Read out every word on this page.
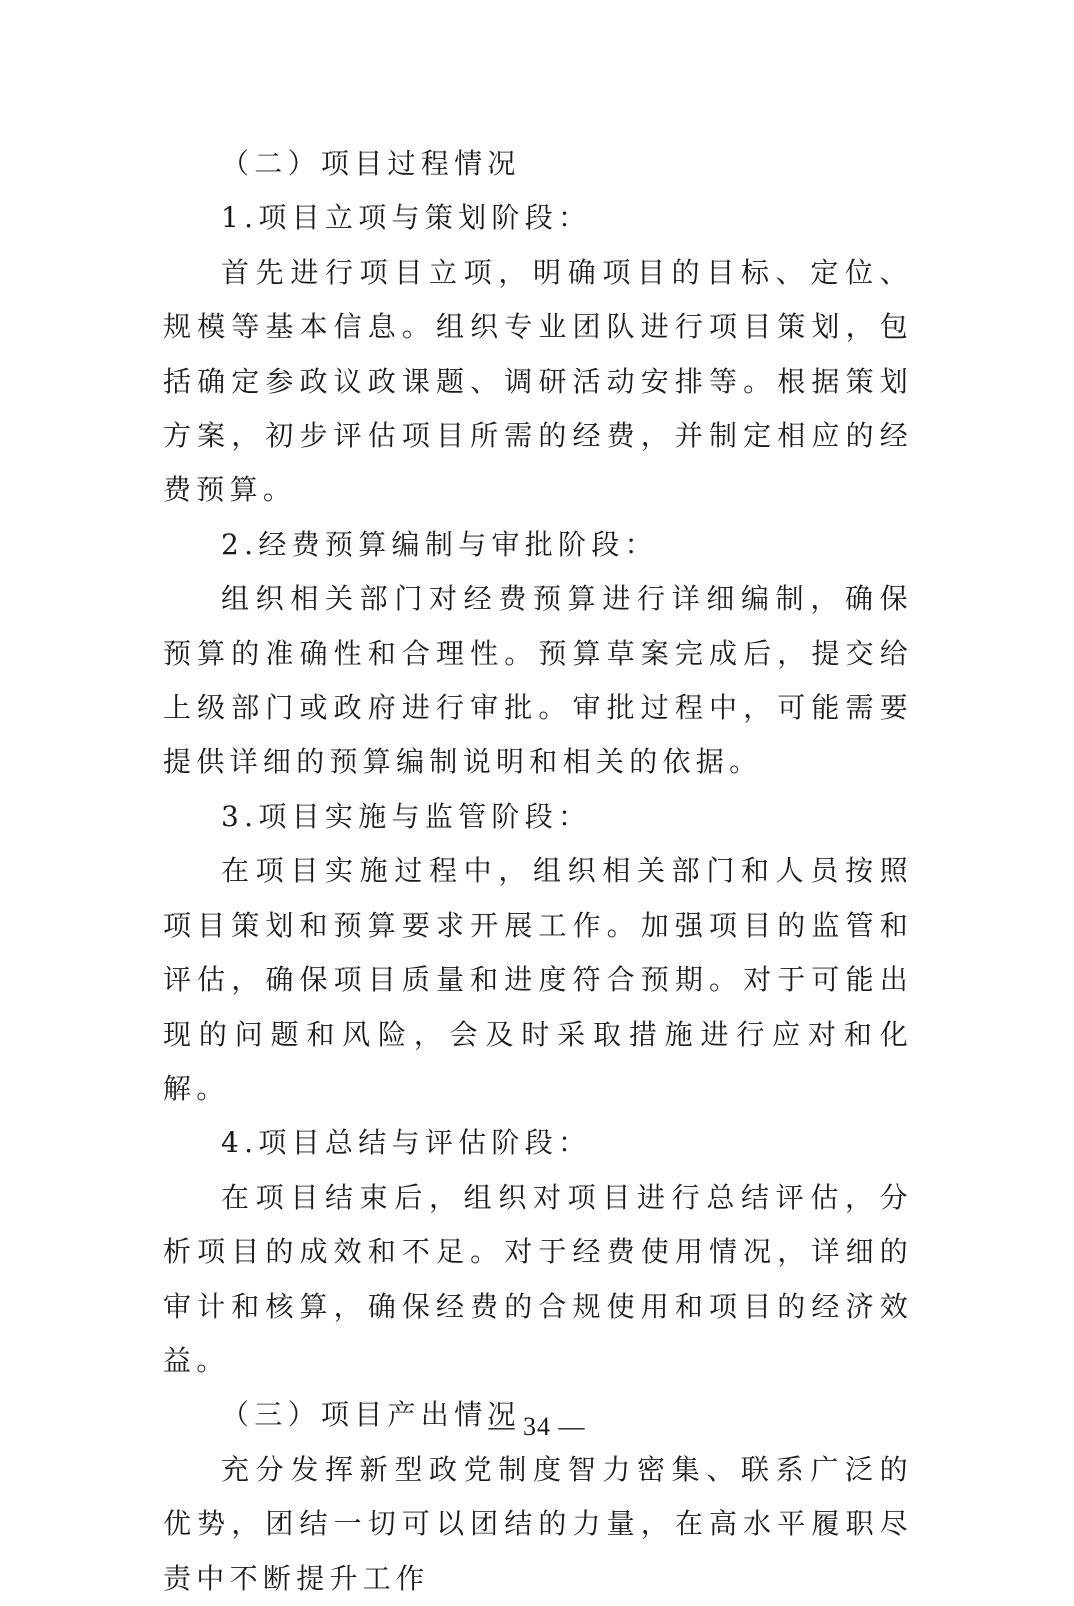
（二）项目过程情况

1.项目立项与策划阶段：

首先进行项目立项，明确项目的目标、定位、规模等基本信息。组织专业团队进行项目策划，包括确定参政议政课题、调研活动安排等。根据策划方案，初步评估项目所需的经费，并制定相应的经费预算。

2.经费预算编制与审批阶段：

组织相关部门对经费预算进行详细编制，确保预算的准确性和合理性。预算草案完成后，提交给上级部门或政府进行审批。审批过程中，可能需要提供详细的预算编制说明和相关的依据。

3.项目实施与监管阶段：

在项目实施过程中，组织相关部门和人员按照项目策划和预算要求开展工作。加强项目的监管和评估，确保项目质量和进度符合预期。对于可能出现的问题和风险，会及时采取措施进行应对和化解。

4.项目总结与评估阶段：

在项目结束后，组织对项目进行总结评估，分析项目的成效和不足。对于经费使用情况，详细的审计和核算，确保经费的合规使用和项目的经济效益。

（三）项目产出情况

充分发挥新型政党制度智力密集、联系广泛的优势，团结一切可以团结的力量，在高水平履职尽责中不断提升工作

— 34 —
